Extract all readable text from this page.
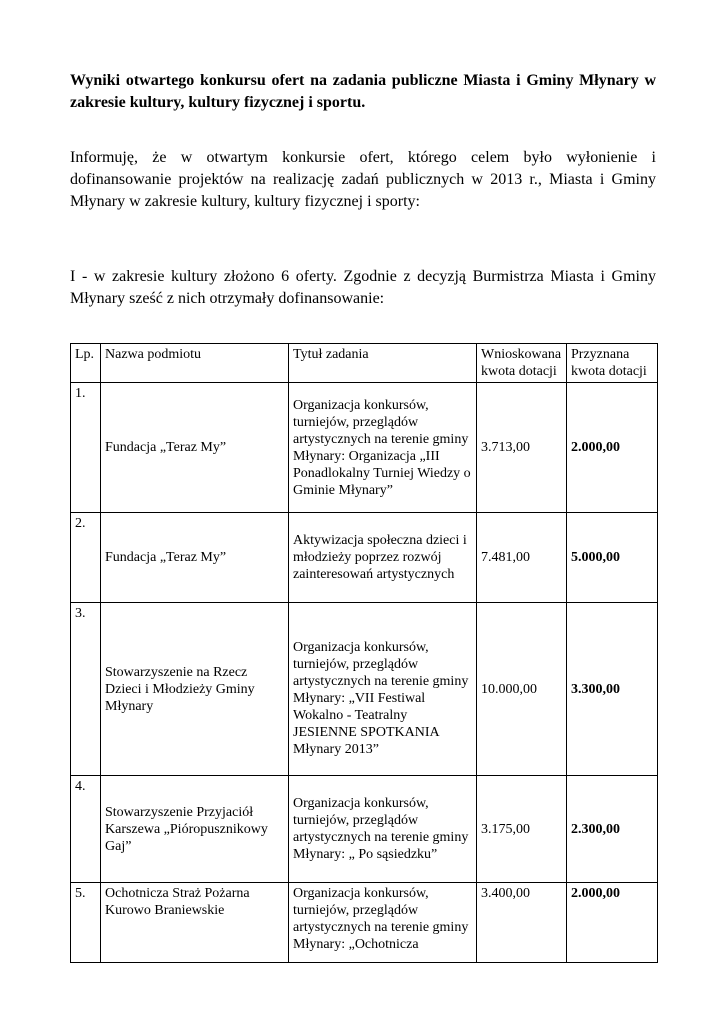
Wyniki otwartego konkursu ofert na zadania publiczne Miasta i Gminy Młynary w zakresie kultury, kultury fizycznej i sportu.

Informuję, że w otwartym konkursie ofert, którego celem było wyłonienie i dofinansowanie projektów na realizację zadań publicznych w 2013 r., Miasta i Gminy Młynary w zakresie kultury, kultury fizycznej i sporty:

I - w zakresie kultury złożono 6 oferty. Zgodnie z decyzją Burmistrza Miasta i Gminy Młynary sześć z nich otrzymały dofinansowanie:

Lp.	Nazwa podmiotu	Tytuł zadania	Wnioskowana kwota dotacji	Przyznana kwota dotacji
1.	Fundacja „Teraz My”	Organizacja konkursów, turniejów, przeglądów artystycznych na terenie gminy Młynary: Organizacja „III Ponadlokalny Turniej Wiedzy o Gminie Młynary”	3.713,00	2.000,00
2.	Fundacja „Teraz My”	Aktywizacja społeczna dzieci i młodzieży poprzez rozwój zainteresowań artystycznych	7.481,00	5.000,00
3.	Stowarzyszenie na Rzecz Dzieci i Młodzieży Gminy Młynary	Organizacja konkursów, turniejów, przeglądów artystycznych na terenie gminy Młynary: „VII Festiwal Wokalno - Teatralny JESIENNE SPOTKANIA Młynary 2013”	10.000,00	3.300,00
4.	Stowarzyszenie Przyjaciół Karszewa „Pióropusznikowy Gaj”	Organizacja konkursów, turniejów, przeglądów artystycznych na terenie gminy Młynary: „ Po sąsiedzku”	3.175,00	2.300,00
5.	Ochotnicza Straż Pożarna Kurowo Braniewskie	Organizacja konkursów, turniejów, przeglądów artystycznych na terenie gminy Młynary: „Ochotnicza	3.400,00	2.000,00
